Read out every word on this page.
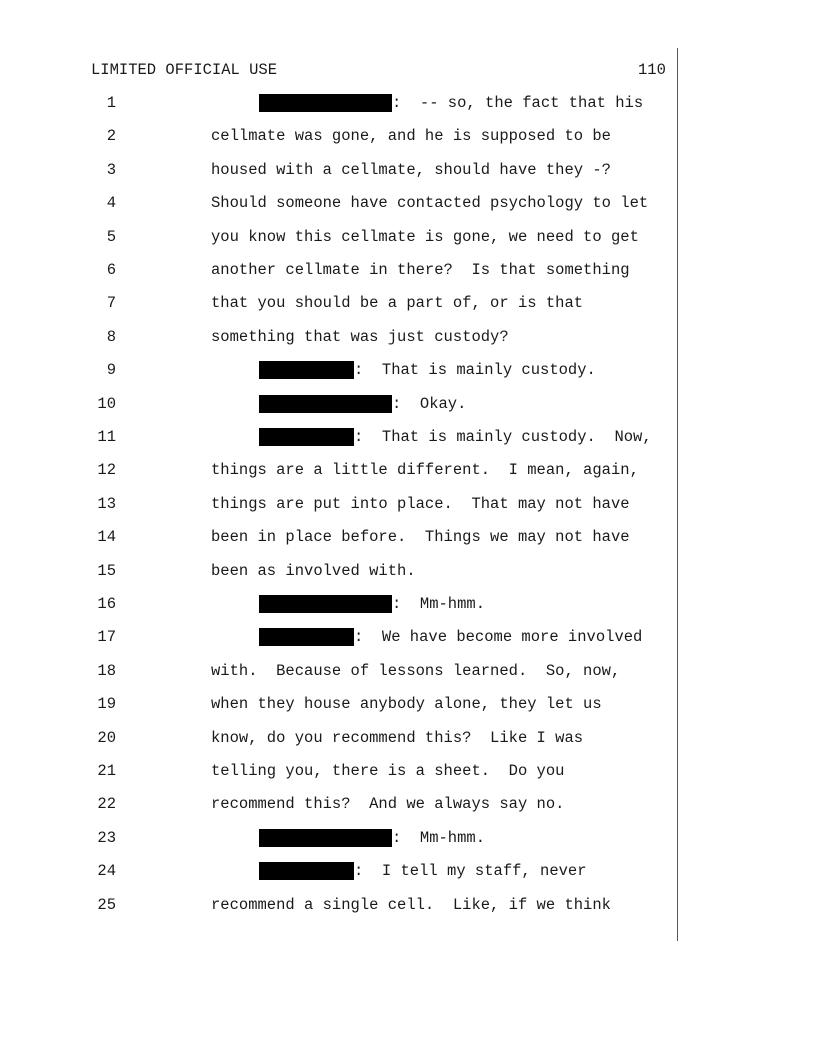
LIMITED OFFICIAL USE	110
1	:  -- so, the fact that his
2	cellmate was gone, and he is supposed to be
3	housed with a cellmate, should have they -?
4	Should someone have contacted psychology to let
5	you know this cellmate is gone, we need to get
6	another cellmate in there?  Is that something
7	that you should be a part of, or is that
8	something that was just custody?
9	:  That is mainly custody.
10	:  Okay.
11	:  That is mainly custody.  Now,
12	things are a little different.  I mean, again,
13	things are put into place.  That may not have
14	been in place before.  Things we may not have
15	been as involved with.
16	:  Mm-hmm.
17	:  We have become more involved
18	with.  Because of lessons learned.  So, now,
19	when they house anybody alone, they let us
20	know, do you recommend this?  Like I was
21	telling you, there is a sheet.  Do you
22	recommend this?  And we always say no.
23	:  Mm-hmm.
24	:  I tell my staff, never
25	recommend a single cell.  Like, if we think
